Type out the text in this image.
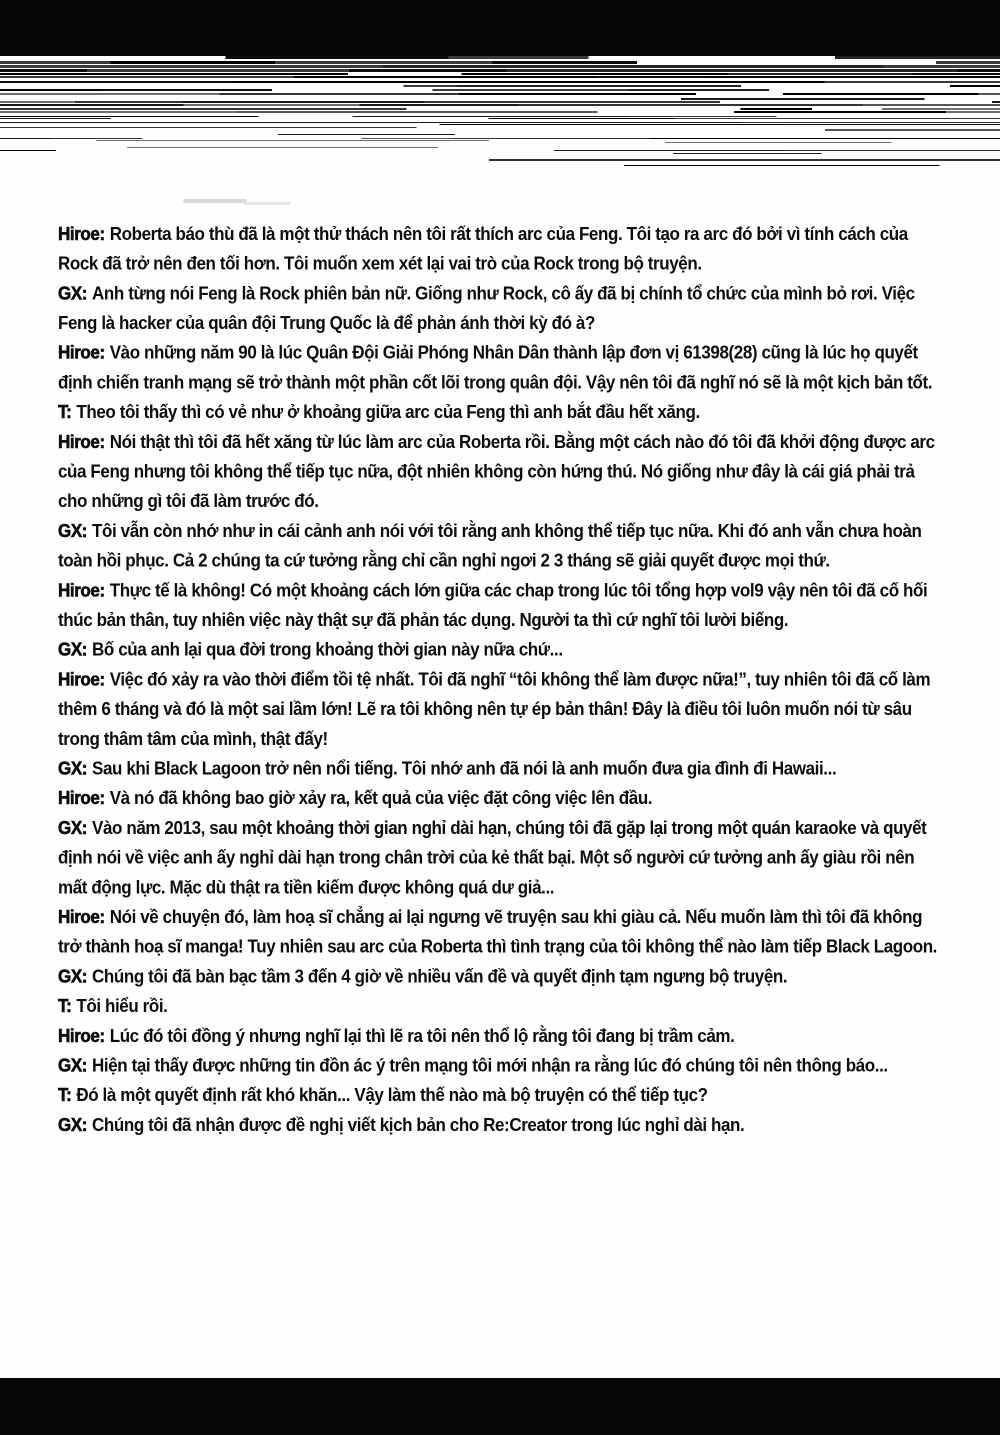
Hiroe: Roberta báo thù đã là một thử thách nên tôi rất thích arc của Feng. Tôi tạo ra arc đó bởi vì tính cách của Rock đã trở nên đen tối hơn. Tôi muốn xem xét lại vai trò của Rock trong bộ truyện.

GX: Anh từng nói Feng là Rock phiên bản nữ. Giống như Rock, cô ấy đã bị chính tổ chức của mình bỏ rơi. Việc Feng là hacker của quân đội Trung Quốc là để phản ánh thời kỳ đó à?

Hiroe: Vào những năm 90 là lúc Quân Đội Giải Phóng Nhân Dân thành lập đơn vị 61398(28) cũng là lúc họ quyết định chiến tranh mạng sẽ trở thành một phần cốt lõi trong quân đội. Vậy nên tôi đã nghĩ nó sẽ là một kịch bản tốt.

T: Theo tôi thấy thì có vẻ như ở khoảng giữa arc của Feng thì anh bắt đầu hết xăng.

Hiroe: Nói thật thì tôi đã hết xăng từ lúc làm arc của Roberta rồi. Bằng một cách nào đó tôi đã khởi động được arc của Feng nhưng tôi không thể tiếp tục nữa, đột nhiên không còn hứng thú. Nó giống như đây là cái giá phải trả cho những gì tôi đã làm trước đó.

GX: Tôi vẫn còn nhớ như in cái cảnh anh nói với tôi rằng anh không thể tiếp tục nữa. Khi đó anh vẫn chưa hoàn toàn hồi phục. Cả 2 chúng ta cứ tưởng rằng chỉ cần nghỉ ngơi 2 3 tháng sẽ giải quyết được mọi thứ.

Hiroe: Thực tế là không! Có một khoảng cách lớn giữa các chap trong lúc tôi tổng hợp vol9 vậy nên tôi đã cố hối thúc bản thân, tuy nhiên việc này thật sự đã phản tác dụng. Người ta thì cứ nghĩ tôi lười biếng.

GX: Bố của anh lại qua đời trong khoảng thời gian này nữa chứ...

Hiroe: Việc đó xảy ra vào thời điểm tồi tệ nhất. Tôi đã nghĩ “tôi không thể làm được nữa!”, tuy nhiên tôi đã cố làm thêm 6 tháng và đó là một sai lầm lớn! Lẽ ra tôi không nên tự ép bản thân! Đây là điều tôi luôn muốn nói từ sâu trong thâm tâm của mình, thật đấy!

GX: Sau khi Black Lagoon trở nên nổi tiếng. Tôi nhớ anh đã nói là anh muốn đưa gia đình đi Hawaii...

Hiroe: Và nó đã không bao giờ xảy ra, kết quả của việc đặt công việc lên đầu.

GX: Vào năm 2013, sau một khoảng thời gian nghỉ dài hạn, chúng tôi đã gặp lại trong một quán karaoke và quyết định nói về việc anh ấy nghỉ dài hạn trong chân trời của kẻ thất bại. Một số người cứ tưởng anh ấy giàu rồi nên mất động lực. Mặc dù thật ra tiền kiếm được không quá dư giả...

Hiroe: Nói về chuyện đó, làm hoạ sĩ chẳng ai lại ngưng vẽ truyện sau khi giàu cả. Nếu muốn làm thì tôi đã không trở thành hoạ sĩ manga! Tuy nhiên sau arc của Roberta thì tình trạng của tôi không thể nào làm tiếp Black Lagoon.

GX: Chúng tôi đã bàn bạc tầm 3 đến 4 giờ về nhiều vấn đề và quyết định tạm ngưng bộ truyện.

T: Tôi hiểu rồi.

Hiroe: Lúc đó tôi đồng ý nhưng nghĩ lại thì lẽ ra tôi nên thổ lộ rằng tôi đang bị trầm cảm.

GX: Hiện tại thấy được những tin đồn ác ý trên mạng tôi mới nhận ra rằng lúc đó chúng tôi nên thông báo...

T: Đó là một quyết định rất khó khăn... Vậy làm thế nào mà bộ truyện có thể tiếp tục?

GX: Chúng tôi đã nhận được đề nghị viết kịch bản cho Re:Creator trong lúc nghỉ dài hạn.
